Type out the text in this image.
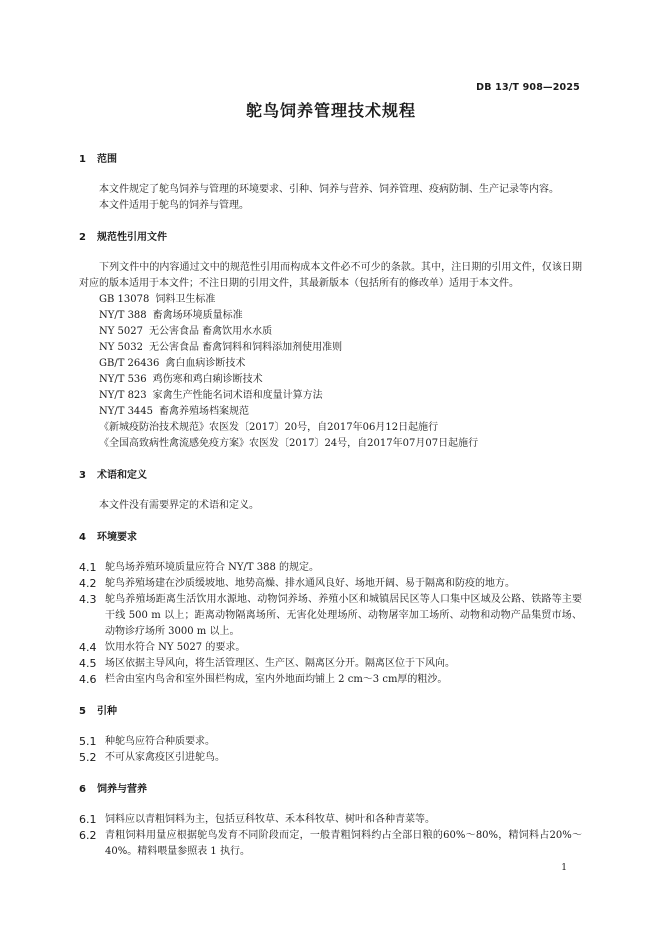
DB 13/T 908—2025
鸵鸟饲养管理技术规程
1 范围

本文件规定了鸵鸟饲养与管理的环境要求、引种、饲养与营养、饲养管理、疫病防制、生产记录等内容。

本文件适用于鸵鸟的饲养与管理。

2 规范性引用文件

下列文件中的内容通过文中的规范性引用而构成本文件必不可少的条款。其中，注日期的引用文件，仅该日期对应的版本适用于本文件；不注日期的引用文件，其最新版本（包括所有的修改单）适用于本文件。

GB 13078 饲料卫生标准

NY/T 388 畜禽场环境质量标准

NY 5027 无公害食品 畜禽饮用水水质

NY 5032 无公害食品 畜禽饲料和饲料添加剂使用准则

GB/T 26436 禽白血病诊断技术

NY/T 536 鸡伤寒和鸡白痢诊断技术

NY/T 823 家禽生产性能名词术语和度量计算方法

NY/T 3445 畜禽养殖场档案规范

《新城疫防治技术规范》农医发〔2017〕20号，自2017年06月12日起施行

《全国高致病性禽流感免疫方案》农医发〔2017〕24号，自2017年07月07日起施行

3 术语和定义

本文件没有需要界定的术语和定义。

4 环境要求
4.1 鸵鸟场养殖环境质量应符合 NY/T 388 的规定。
4.2 鸵鸟养殖场建在沙质缓坡地、地势高燥、排水通风良好、场地开阔、易于隔离和防疫的地方。
4.3 鸵鸟养殖场距离生活饮用水源地、动物饲养场、养殖小区和城镇居民区等人口集中区域及公路、铁路等主要干线 500 m 以上；距离动物隔离场所、无害化处理场所、动物屠宰加工场所、动物和动物产品集贸市场、动物诊疗场所 3000 m 以上。
4.4 饮用水符合 NY 5027 的要求。
4.5 场区依据主导风向，将生活管理区、生产区、隔离区分开。隔离区位于下风向。
4.6 栏舍由室内鸟舍和室外围栏构成，室内外地面均铺上 2 cm～3 cm厚的粗沙。
5 引种
5.1 种鸵鸟应符合种质要求。
5.2 不可从家禽疫区引进鸵鸟。
6 饲养与营养
6.1 饲料应以青粗饲料为主，包括豆科牧草、禾本科牧草、树叶和各种青菜等。
6.2 青粗饲料用量应根据鸵鸟发育不同阶段而定，一般青粗饲料约占全部日粮的60%～80%，精饲料占20%～40%。精料喂量参照表 1 执行。
1
